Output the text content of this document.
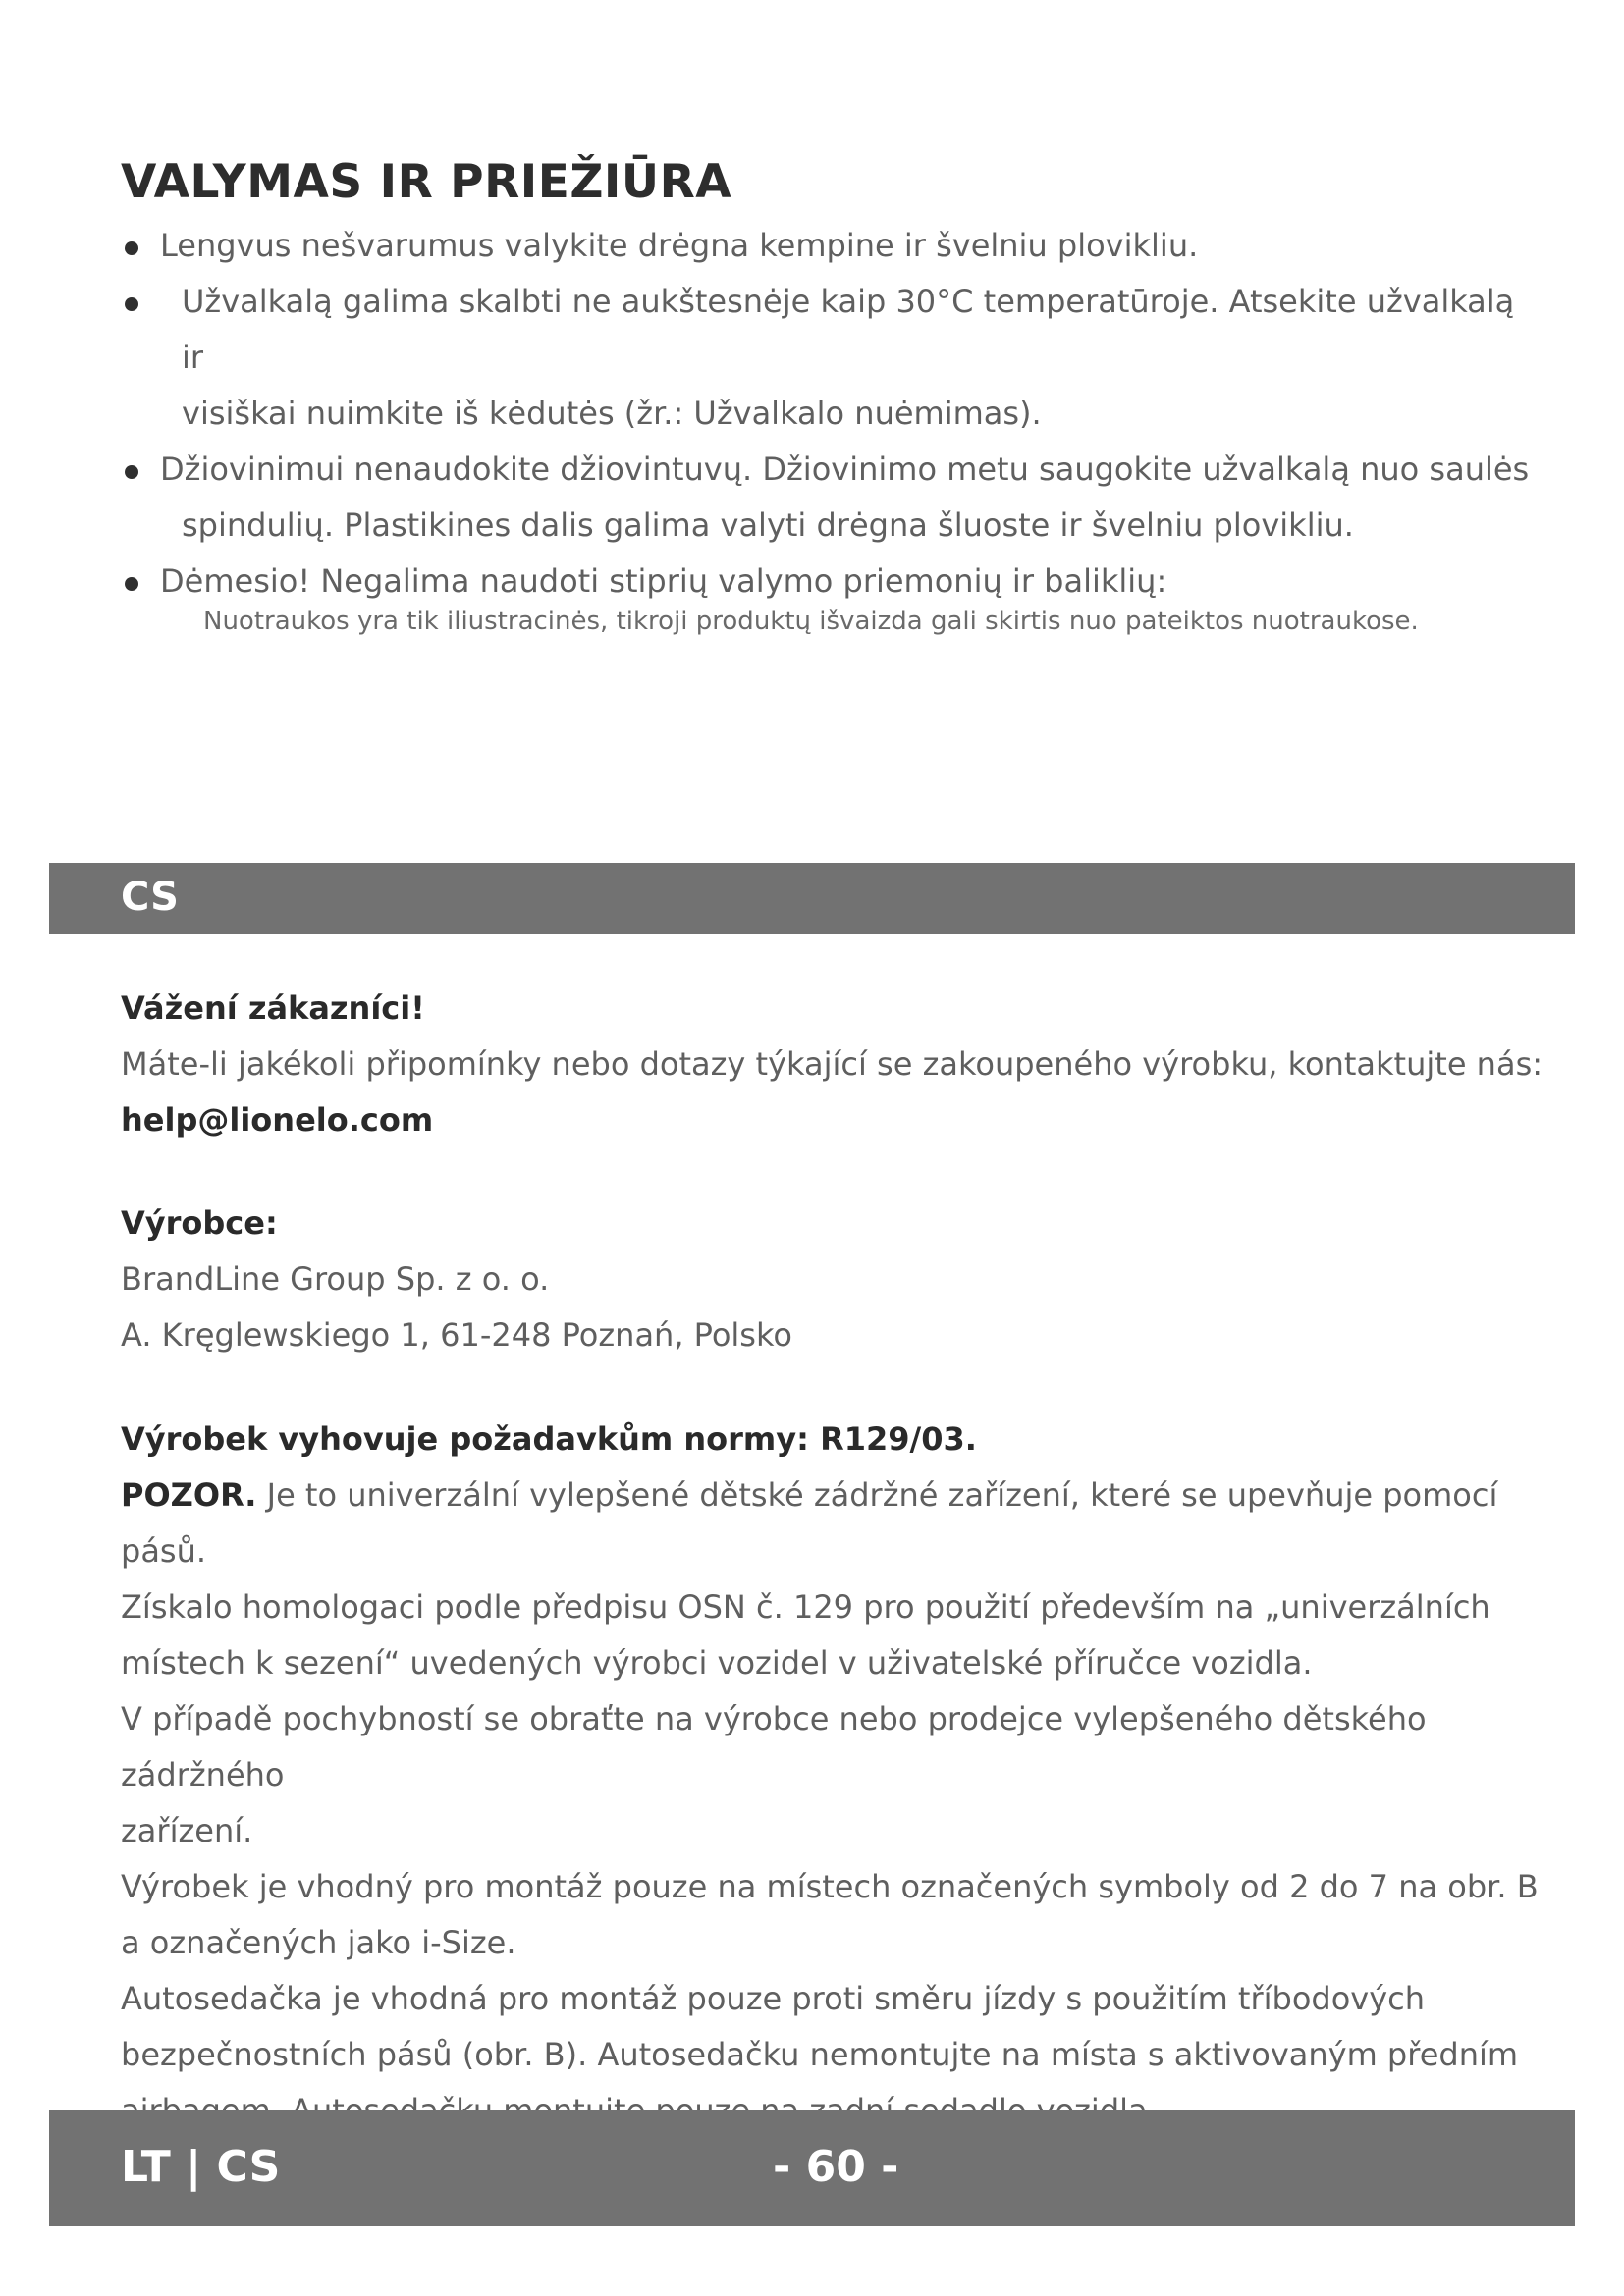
VALYMAS IR PRIEŽIŪRA
Lengvus nešvarumus valykite drėgna kempine ir švelniu plovikliu.
Užvalkalą galima skalbti ne aukštesnėje kaip 30°C temperatūroje. Atsekite užvalkalą ir
visiškai nuimkite iš kėdutės (žr.: Užvalkalo nuėmimas).
Džiovinimui nenaudokite džiovintuvų. Džiovinimo metu saugokite užvalkalą nuo saulės
spindulių. Plastikines dalis galima valyti drėgna šluoste ir švelniu plovikliu.
Dėmesio! Negalima naudoti stiprių valymo priemonių ir baliklių:
Nuotraukos yra tik iliustracinės, tikroji produktų išvaizda gali skirtis nuo pateiktos nuotraukose.
CS

Vážení zákazníci!

Máte-li jakékoli připomínky nebo dotazy týkající se zakoupeného výrobku, kontaktujte nás:

help@lionelo.com

Výrobce:

BrandLine Group Sp. z o. o.

A. Kręglewskiego 1, 61-248 Poznań, Polsko

Výrobek vyhovuje požadavkům normy: R129/03.

POZOR. Je to univerzální vylepšené dětské zádržné zařízení, které se upevňuje pomocí pásů.

Získalo homologaci podle předpisu OSN č. 129 pro použití především na „univerzálních

místech k sezení“ uvedených výrobci vozidel v uživatelské příručce vozidla.

V případě pochybností se obraťte na výrobce nebo prodejce vylepšeného dětského zádržného

zařízení.

Výrobek je vhodný pro montáž pouze na místech označených symboly od 2 do 7 na obr. B

a označených jako i-Size.

Autosedačka je vhodná pro montáž pouze proti směru jízdy s použitím tříbodových

bezpečnostních pásů (obr. B). Autosedačku nemontujte na místa s aktivovaným předním

LT | CS	- 60 -
